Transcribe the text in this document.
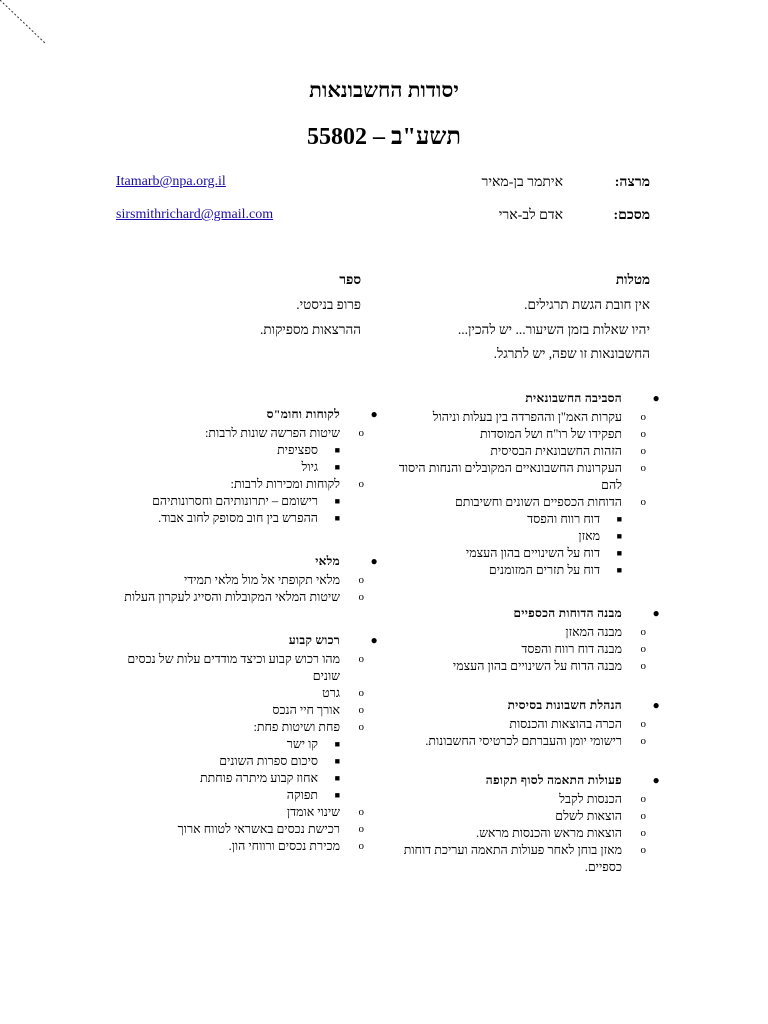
יסודות החשבונאות
תשע"ב – 55802
מרצה:
איתמר בן-מאיר
Itamarb@npa.org.il
מסכם:
אדם לב-ארי
sirsmithrichard@gmail.com
מטלות
אין חובת הגשת תרגילים.
יהיו שאלות בזמן השיעור... יש להכין...
החשבונאות זו שפה, יש לתרגל.
ספר
פרופ בניסטי.
ההרצאות מספיקות.
●
הסביבה החשבונאית
o
עקרות האמ"ן וההפרדה בין בעלות וניהול
o
תפקידו של רו"ח ושל המוסדות
o
הזהות החשבונאית הבסיסית
o
העקרונות החשבונאיים המקובלים והנחות היסוד להם
o
הדוחות הכספיים השונים וחשיבותם
■
דוח רווח והפסד
■
מאזן
■
דוח על השינויים בהון העצמי
■
דוח על תזרים המזומנים
●
מבנה הדוחות הכספיים
o
מבנה המאזן
o
מבנה דוח רווח והפסד
o
מבנה הדוח על השינויים בהון העצמי
●
הנהלת חשבונות בסיסית
o
הכרה בהוצאות והכנסות
o
רישומי יומן והעברתם לכרטיסי החשבונות.
●
פעולות התאמה לסוף תקופה
o
הכנסות לקבל
o
הוצאות לשלם
o
הוצאות מראש והכנסות מראש.
o
מאזן בוחן לאחר פעולות התאמה ועריכת דוחות כספיים.
●
לקוחות וחומ"ס
o
שיטות הפרשה שונות לרבות:
■
ספציפית
■
גיול
o
לקוחות ומכירות לרבות:
■
רישומם – יתרונותיהם וחסרונותיהם
■
ההפרש בין חוב מסופק לחוב אבוד.
●
מלאי
o
מלאי תקופתי אל מול מלאי תמידי
o
שיטות המלאי המקובלות והסייג לעקרון העלות
●
רכוש קבוע
o
מהו רכוש קבוע וכיצד מודדים עלות של נכסים שונים
o
גרט
o
אורך חיי הנכס
o
פחת ושיטות פחת:
■
קו ישר
■
סיכום ספרות השונים
■
אחוז קבוע מיתרה פוחתת
■
תפוקה
o
שינוי אומדן
o
רכישת נכסים באשראי לטווח ארוך
o
מכירת נכסים ורווחי הון.
